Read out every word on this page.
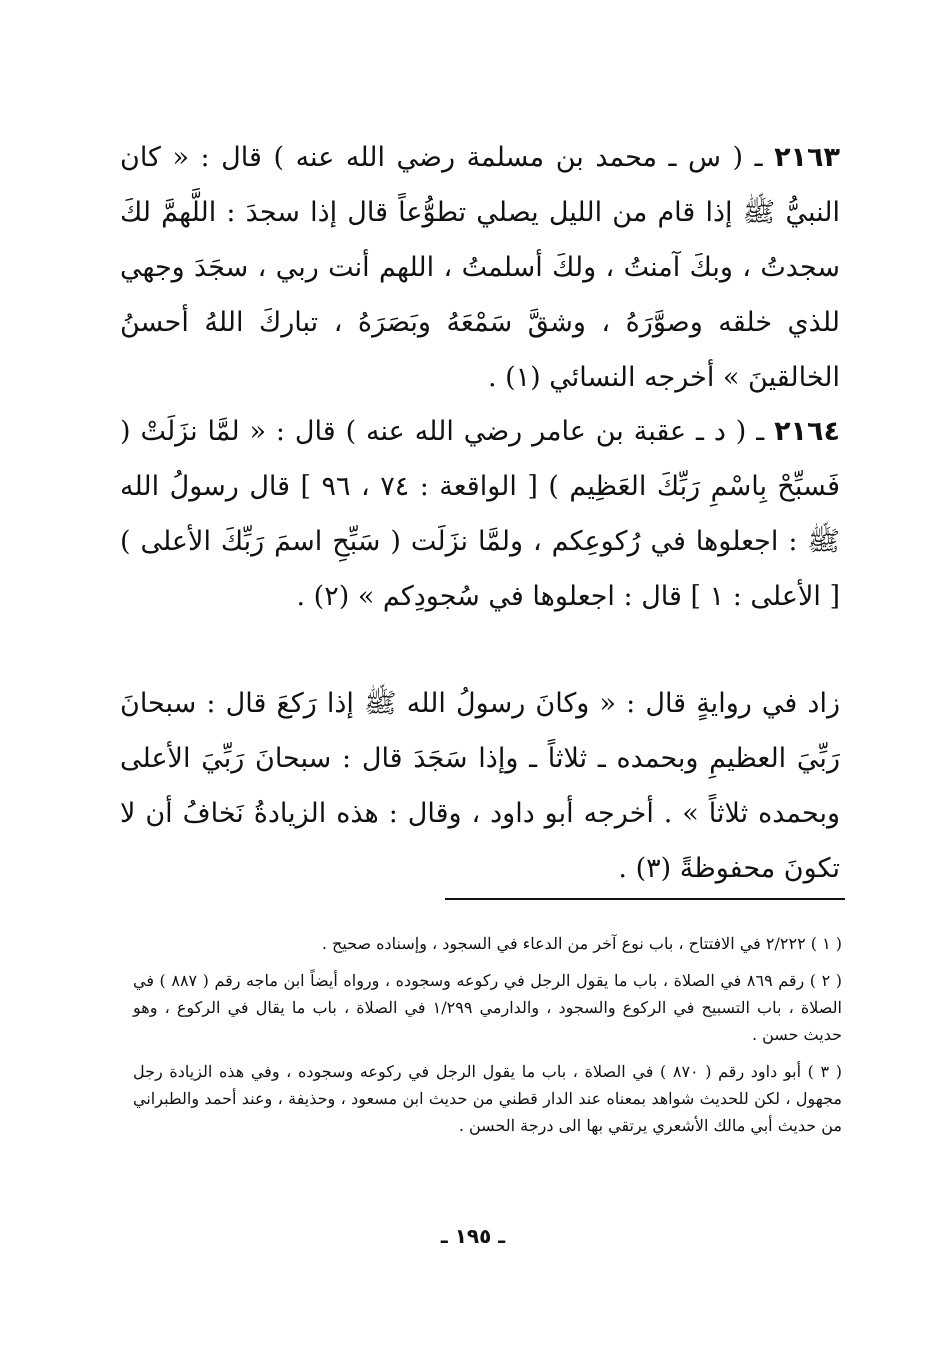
٢١٦٣ ـ ( س ـ محمد بن مسلمة رضي الله عنه ) قال : « كان النبيُّ ﷺ إذا قام من الليل يصلي تطوُّعاً قال إذا سجدَ : اللَّهمَّ لكَ سجدتُ ، وبكَ آمنتُ ، ولكَ أسلمتُ ، اللهم أنت ربي ، سجَدَ وجهي للذي خلقه وصوَّرَهُ ، وشقَّ سَمْعَهُ وبَصَرَهُ ، تباركَ اللهُ أحسنُ الخالقينَ » أخرجه النسائي (١) .

٢١٦٤ ـ ( د ـ عقبة بن عامر رضي الله عنه ) قال : « لمَّا نزَلَتْ ( فَسبِّحْ بِاسْمِ رَبِّكَ العَظِيم ) [ الواقعة : ٧٤ ، ٩٦ ] قال رسولُ الله ﷺ : اجعلوها في رُكوعِكم ، ولمَّا نزَلَت ( سَبِّحِ اسمَ رَبِّكَ الأعلى ) [ الأعلى : ١ ] قال : اجعلوها في سُجودِكم » (٢) .

زاد في روايةٍ قال : « وكانَ رسولُ الله ﷺ إذا رَكعَ قال : سبحانَ رَبِّيَ العظيمِ وبحمده ـ ثلاثاً ـ وإذا سَجَدَ قال : سبحانَ رَبِّيَ الأعلى وبحمده ثلاثاً » . أخرجه أبو داود ، وقال : هذه الزيادةُ نَخافُ أن لا تكونَ محفوظةً (٣) .

( ١ ) ٢/٢٢٢ في الافتتاح ، باب نوع آخر من الدعاء في السجود ، وإسناده صحيح .

( ٢ ) رقم ٨٦٩ في الصلاة ، باب ما يقول الرجل في ركوعه وسجوده ، ورواه أيضاً ابن ماجه رقم ( ٨٨٧ ) في الصلاة ، باب التسبيح في الركوع والسجود ، والدارمي ١/٢٩٩ في الصلاة ، باب ما يقال في الركوع ، وهو حديث حسن .

( ٣ ) أبو داود رقم ( ٨٧٠ ) في الصلاة ، باب ما يقول الرجل في ركوعه وسجوده ، وفي هذه الزيادة رجل مجهول ، لكن للحديث شواهد بمعناه عند الدار قطني من حديث ابن مسعود ، وحذيفة ، وعند أحمد والطبراني من حديث أبي مالك الأشعري يرتقي بها الى درجة الحسن .

ـ ١٩٥ ـ
